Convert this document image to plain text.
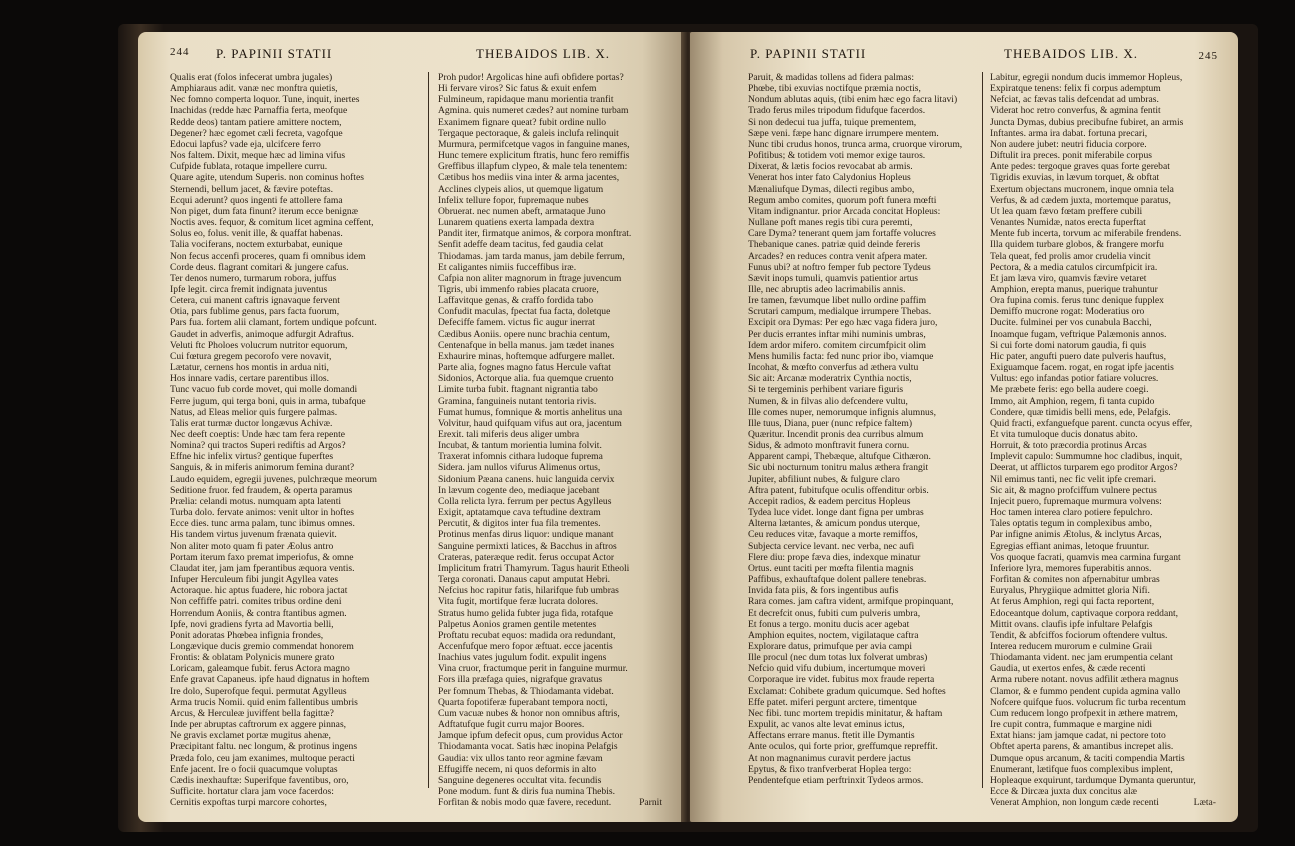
244 P. PAPINII STATII	THEBAIDOS LIB. X.

Qualis erat (folos infecerat umbra jugales)

Amphiaraus adit. vanæ nec monftra quietis,

Nec fomno comperta loquor. Tune, inquit, inertes

Inachidas (redde hæc Parnaffia ferta, meofque

Redde deos) tantam patiere amittere noctem,

Degener? hæc egomet cæli fecreta, vagofque

Edocui lapfus? vade eja, ulcifcere ferro

Nos faltem. Dixit, meque hæc ad limina vifus

Cufpide fublata, rotaque impellere curru.

Quare agite, utendum Superis. non cominus hoftes

Sternendi, bellum jacet, & fævire poteftas.

Ecqui aderunt? quos ingenti fe attollere fama

Non piget, dum fata finunt? iterum ecce benignæ

Noctis aves. fequor, & comitum licet agmina ceffent,

Solus eo, folus. venit ille, & quaffat habenas.

Talia vociferans, noctem exturbabat, eunique

Non fecus accenfi proceres, quam fi omnibus idem

Corde deus. flagrant comitari & jungere cafus.

Ter denos numero, turmarum robora, juffus

Ipfe legit. circa fremit indignata juventus

Cetera, cui manent caftris ignavaque fervent

Otia, pars fublime genus, pars facta fuorum,

Pars fua. fortem alii clamant, fortem undique pofcunt.

Gaudet in adverfis, animoque adfurgit Adraftus.

Veluti ftc Pholoes volucrum nutritor equorum,

Cui fœtura gregem pecorofo vere novavit,

Lætatur, cernens hos montis in ardua niti,

Hos innare vadis, certare parentibus illos.

Tunc vacuo fub corde movet, qui molle domandi

Ferre jugum, qui terga boni, quis in arma, tubafque

Natus, ad Eleas melior quis furgere palmas.

Talis erat turmæ ductor longævus Achivæ.

Nec deeft coeptis: Unde hæc tam fera repente

Nomina? qui tractos Superi rediftis ad Argos?

Effne hic infelix virtus? gentique fuperftes

Sanguis, & in miferis animorum femina durant?

Laudo equidem, egregii juvenes, pulchræque meorum

Seditione fruor. fed fraudem, & operta paramus

Prælia: celandi motus. numquam apta latenti

Turba dolo. fervate animos: venit ultor in hoftes

Ecce dies. tunc arma palam, tunc ibimus omnes.

His tandem virtus juvenum frænata quievit.

Non aliter moto quam fi pater Æolus antro

Portam iterum faxo premat imperiofus, & omne

Claudat iter, jam jam fperantibus æquora ventis.

Infuper Herculeum fibi jungit Agyllea vates

Actoraque. hic aptus fuadere, hic robora jactat

Non ceffiffe patri. comites tribus ordine deni

Horrendum Aoniis, & contra ftantibus agmen.

Ipfe, novi gradiens fyrta ad Mavortia belli,

Ponit adoratas Phœbea infignia frondes,

Longævique ducis gremio commendat honorem

Frontis: & oblatam Polynicis munere grato

Loricam, galeamque fubit. ferus Actora magno

Enfe gravat Capaneus. ipfe haud dignatus in hoftem

Ire dolo, Superofque fequi. permutat Agylleus

Arma trucis Nomii. quid enim fallentibus umbris

Arcus, & Herculeæ juviffent bella fagittæ?

Inde per abruptas caftrorum ex aggere pinnas,

Ne gravis exclamet portæ mugitus ahenæ,

Præcipitant faltu. nec longum, & protinus ingens

Præda folo, ceu jam exanimes, multoque peracti

Enfe jacent. Ire o focii quacumque voluptas

Cædis inexhauftæ: Superifque faventibus, oro,

Sufficite. hortatur clara jam voce facerdos:

Cernitis expoftas turpi marcore cohortes,

Proh pudor! Argolicas hine aufi obfidere portas?

Hi fervare viros? Sic fatus & exuit enfem

Fulmineum, rapidaque manu morientia tranfit

Agmina. quis numeret cædes? aut nomine turbam

Exanimem fignare queat? fubit ordine nullo

Tergaque pectoraque, & galeis inclufa relinquit

Murmura, permifcetque vagos in fanguine manes,

Hunc temere explicitum ftratis, hunc fero remiffis

Greffibus illapfum clypeo, & male tela tenentem:

Cætibus hos mediis vina inter & arma jacentes,

Acclines clypeis alios, ut quemque ligatum

Infelix tellure fopor, fupremaque nubes

Obruerat. nec numen abeft, armataque Juno

Lunarem quatiens exerta lampada dextra

Pandit iter, firmatque animos, & corpora monftrat.

Senfit adeffe deam tacitus, fed gaudia celat

Thiodamas. jam tarda manus, jam debile ferrum,

Et caligantes nimiis fucceffibus iræ.

Cafpia non aliter magnorum in ftrage juvencum

Tigris, ubi immenfo rabies placata cruore,

Laffavitque genas, & craffo fordida tabo

Confudit maculas, fpectat fua facta, doletque

Defeciffe famem. victus fic augur inerrat

Cædibus Aoniis. opere nunc brachia centum,

Centenafque in bella manus. jam tædet inanes

Exhaurire minas, hoftemque adfurgere mallet.

Parte alia, fognes magno fatus Hercule vaftat

Sidonios, Actorque alia. fua quemque cruento

Limite turba fubit. ftagnant nigrantia tabo

Gramina, fanguineis nutant tentoria rivis.

Fumat humus, fomnique & mortis anhelitus una

Volvitur, haud quifquam vifus aut ora, jacentum

Erexit. tali miferis deus aliger umbra

Incubat, & tantum morientia lumina folvit.

Traxerat infomnis cithara ludoque fuprema

Sidera. jam nullos vifurus Alimenus ortus,

Sidonium Pæana canens. huic languida cervix

In lævum cogente deo, mediaque jacebant

Colla relicta lyra. ferrum per pectus Agylleus

Exigit, aptatamque cava teftudine dextram

Percutit, & digitos inter fua fila trementes.

Protinus menfas dirus liquor: undique manant

Sanguine permixti latices, & Bacchus in aftros

Crateras, pateræque redit. ferus occupat Actor

Implicitum fratri Thamyrum. Tagus haurit Etheoli

Terga coronati. Danaus caput amputat Hebri.

Nefcius hoc rapitur fatis, hilarifque fub umbras

Vita fugit, mortifque feræ lucrata dolores.

Stratus humo gelida fubter juga fida, rotafque

Palpetus Aonios gramen gentile metentes

Proftatu recubat equos: madida ora redundant,

Accenfufque mero fopor æftuat. ecce jacentis

Inachius vates jugulum fodit. expulit ingens

Vina cruor, fractumque perit in fanguine murmur.

Fors illa præfaga quies, nigrafque gravatus

Per fomnum Thebas, & Thiodamanta videbat.

Quarta fopotiferæ fuperabant tempora nocti,

Cum vacuæ nubes & honor non omnibus aftris,

Adftatufque fugit curru major Boores.

Jamque ipfum defecit opus, cum providus Actor

Thiodamanta vocat. Satis hæc inopina Pelafgis

Gaudia: vix ullos tanto reor agmine fævam

Effugiffe necem, ni quos deformis in alto

Sanguine degeneres occultat vita. fecundis

Pone modum. funt & diris fua numina Thebis.

Forfitan & nobis modo quæ favere, recedunt.	Parnit
P. PAPINII STATII	THEBAIDOS LIB. X.	245

Paruit, & madidas tollens ad fidera palmas:

Phœbe, tibi exuvias noctifque præmia noctis,

Nondum ablutas aquis, (tibi enim hæc ego facra litavi)

Trado ferus miles tripodum fidufque facerdos.

Si non dedecui tua juffa, tuique prementem,

Sæpe veni. fæpe hanc dignare irrumpere mentem.

Nunc tibi crudus honos, trunca arma, cruorque virorum,

Pofitibus; & totidem voti memor exige tauros.

Dixerat, & lætis focios revocabat ab armis.

Venerat hos inter fato Calydonius Hopleus

Mænaliufque Dymas, dilecti regibus ambo,

Regum ambo comites, quorum poft funera mœfti

Vitam indignantur. prior Arcada concitat Hopleus:

Nullane poft manes regis tibi cura peremti,

Care Dyma? tenerant quem jam fortaffe volucres

Thebanique canes. patriæ quid deinde fereris

Arcades? en reduces contra venit afpera mater.

Funus ubi? at noftro femper fub pectore Tydeus

Sævit inops tumuli, quamvis patientior artus

Ille, nec abruptis adeo lacrimabilis annis.

Ire tamen, fævumque libet nullo ordine paffim

Scrutari campum, medialque irrumpere Thebas.

Excipit ora Dymas: Per ego hæc vaga fidera juro,

Per ducis errantes inftar mihi numinis umbras,

Idem ardor mifero. comitem circumfpicit olim

Mens humilis facta: fed nunc prior ibo, viamque

Incohat, & mœfto converfus ad æthera vultu

Sic ait: Arcanæ moderatrix Cynthia noctis,

Si te tergeminis perhibent variare figuris

Numen, & in filvas alio defcendere vultu,

Ille comes nuper, nemorumque infignis alumnus,

Ille tuus, Diana, puer (nunc refpice faltem)

Quæritur. Incendit pronis dea curribus almum

Sidus, & admoto monftravit funera cornu.

Apparent campi, Thebæque, altufque Cithæron.

Sic ubi nocturnum tonitru malus æthera frangit

Jupiter, abfiliunt nubes, & fulgure claro

Aftra patent, fubitufque oculis offenditur orbis.

Accepit radios, & eadem percitus Hopleus

Tydea luce videt. longe dant figna per umbras

Alterna lætantes, & amicum pondus uterque,

Ceu reduces vitæ, favaque a morte remiffos,

Subjecta cervice levant. nec verba, nec aufi

Flere diu: prope fæva dies, indexque minatur

Ortus. eunt taciti per mœfta filentia magnis

Paffibus, exhauftafque dolent pallere tenebras.

Invida fata piis, & fors ingentibus aufis

Rara comes. jam caftra vident, armifque propinquant,

Et decrefcit onus, fubiti cum pulveris umbra,

Et fonus a tergo. monitu ducis acer agebat

Amphion equites, noctem, vigilataque caftra

Explorare datus, primufque per avia campi

Ille procul (nec dum totas lux folverat umbras)

Nefcio quid vifu dubium, incertumque moveri

Corporaque ire videt. fubitus mox fraude reperta

Exclamat: Cohibete gradum quicumque. Sed hoftes

Effe patet. miferi pergunt arctere, timentque

Nec fibi. tunc mortem trepidis minitatur, & haftam

Expulit, ac vanos alte levat eminus ictus,

Affectans errare manus. ftetit ille Dymantis

Ante oculos, qui forte prior, greffumque repreffit.

At non magnanimus curavit perdere jactus

Epytus, & fixo tranfverberat Hoplea tergo:

Pendentefque etiam perftrinxit Tydeos armos.

Labitur, egregii nondum ducis immemor Hopleus,

Expiratque tenens: felix fi corpus ademptum

Nefciat, ac fævas talis defcendat ad umbras.

Viderat hoc retro converfus, & agmina fentit

Juncta Dymas, dubius precibufne fubiret, an armis

Inftantes. arma ira dabat. fortuna precari,

Non audere jubet: neutri fiducia corpore.

Diftulit ira preces. ponit miferabile corpus

Ante pedes: tergoque graves quas forte gerebat

Tigridis exuvias, in lævum torquet, & obftat

Exertum objectans mucronem, inque omnia tela

Verfus, & ad cædem juxta, mortemque paratus,

Ut lea quam fævo fœtam preffere cubili

Venantes Numidæ, natos erecta fuperftat

Mente fub incerta, torvum ac miferabile frendens.

Illa quidem turbare globos, & frangere morfu

Tela queat, fed prolis amor crudelia vincit

Pectora, & a media catulos circumfpicit ira.

Et jam læva viro, quamvis fævire vetaret

Amphion, erepta manus, puerique trahuntur

Ora fupina comis. ferus tunc denique fupplex

Demiffo mucrone rogat: Moderatius oro

Ducite. fulminei per vos cunabula Bacchi,

Inoamque fugam, veftrique Palæmonis annos.

Si cui forte domi natorum gaudia, fi quis

Hic pater, angufti puero date pulveris hauftus,

Exiguamque facem. rogat, en rogat ipfe jacentis

Vultus: ego infandas potior fatiare volucres.

Me præbete feris: ego bella audere coegi.

Immo, ait Amphion, regem, fi tanta cupido

Condere, quæ timidis belli mens, ede, Pelafgis.

Quid fracti, exfanguefque parent. cuncta ocyus effer,

Et vita tumuloque ducis donatus abito.

Horruit, & toto præcordia protinus Arcas

Implevit capulo: Summumne hoc cladibus, inquit,

Deerat, ut afflictos turparem ego proditor Argos?

Nil emimus tanti, nec fic velit ipfe cremari.

Sic ait, & magno profciffum vulnere pectus

Injecit puero, fupremaque murmura volvens:

Hoc tamen interea claro potiere fepulchro.

Tales optatis tegum in complexibus ambo,

Par infigne animis Ætolus, & inclytus Arcas,

Egregias effiant animas, letoque fruuntur.

Vos quoque facrati, quamvis mea carmina furgant

Inferiore lyra, memores fuperabitis annos.

Forfitan & comites non afpernabitur umbras

Euryalus, Phrygiique admittet gloria Nifi.

At ferus Amphion, regi qui facta reportent,

Edoceantque dolum, captivaque corpora reddant,

Mittit ovans. claufis ipfe infultare Pelafgis

Tendit, & abfciffos fociorum oftendere vultus.

Interea reducem murorum e culmine Graii

Thiodamanta vident. nec jam erumpentia celant

Gaudia, ut exertos enfes, & cæde recenti

Arma rubere notant. novus adfilit æthera magnus

Clamor, & e fummo pendent cupida agmina vallo

Nofcere quifque fuos. volucrum fic turba recentum

Cum reducem longo profpexit in æthere matrem,

Ire cupit contra, fummaque e margine nidi

Extat hians: jam jamque cadat, ni pectore toto

Obftet aperta parens, & amantibus increpet alis.

Dumque opus arcanum, & taciti compendia Martis

Enumerant, lætifque fuos complexibus implent,

Hopleaque exquirunt, tardumque Dymanta queruntur,

Ecce & Dircæa juxta dux concitus alæ

Venerat Amphion, non longum cæde recenti	Læta-
